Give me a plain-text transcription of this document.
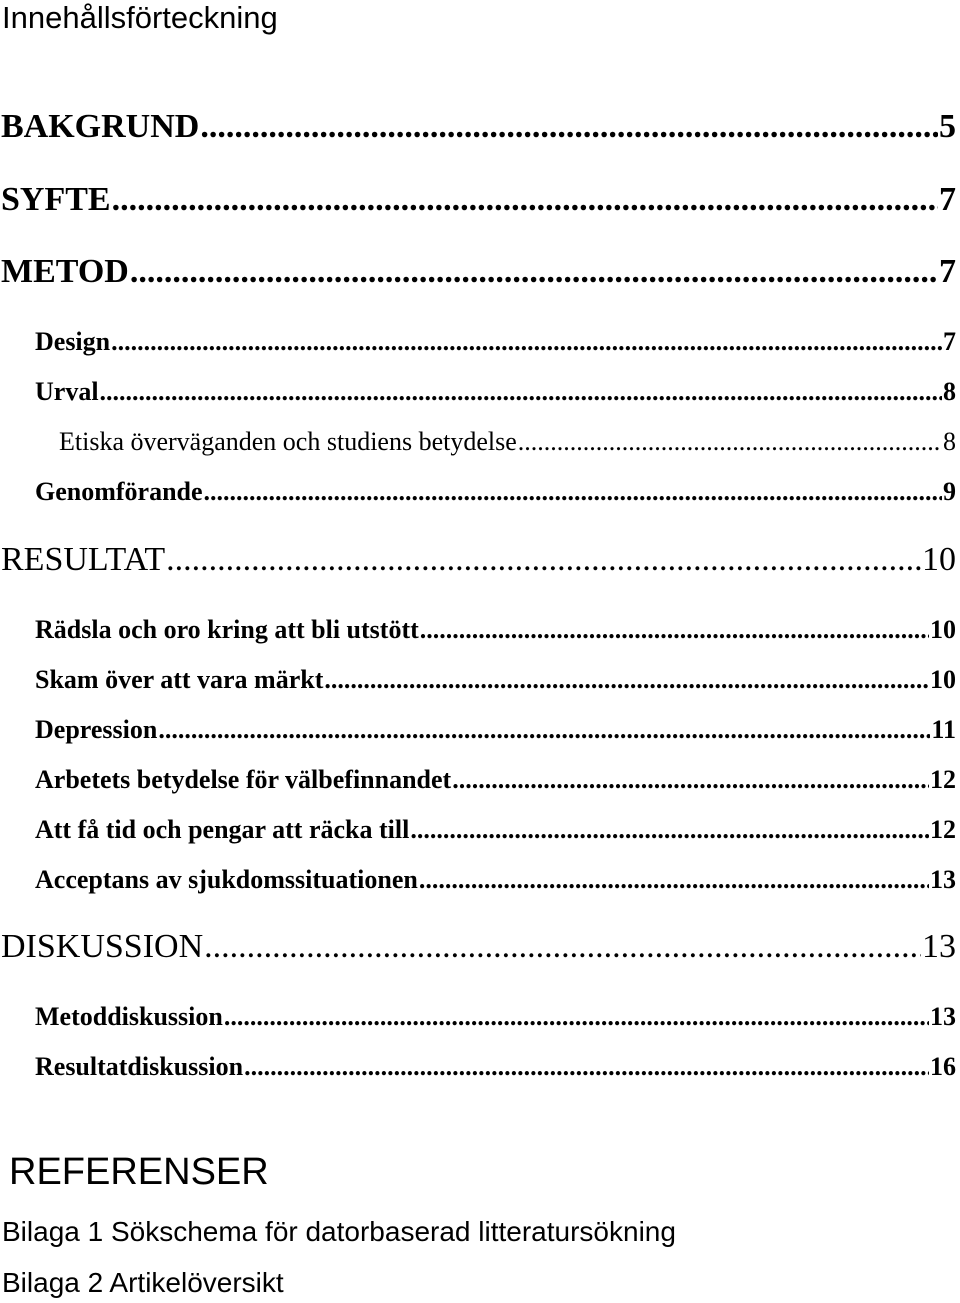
Innehållsförteckning
BAKGRUND .....	5
SYFTE .....	7
METOD .....	7
Design .....	7
Urval .....	8
Etiska överväganden och studiens betydelse .....	8
Genomförande .....	9
RESULTAT .....	10
Rädsla och oro kring att bli utstött .....	10
Skam över att vara märkt .....	10
Depression .....	11
Arbetets betydelse för välbefinnandet .....	12
Att få tid och pengar att räcka till .....	12
Acceptans av sjukdomssituationen .....	13
DISKUSSION .....	13
Metoddiskussion .....	13
Resultatdiskussion .....	16
REFERENSER
Bilaga 1 Sökschema för datorbaserad litteratursökning
Bilaga 2 Artikelöversikt
